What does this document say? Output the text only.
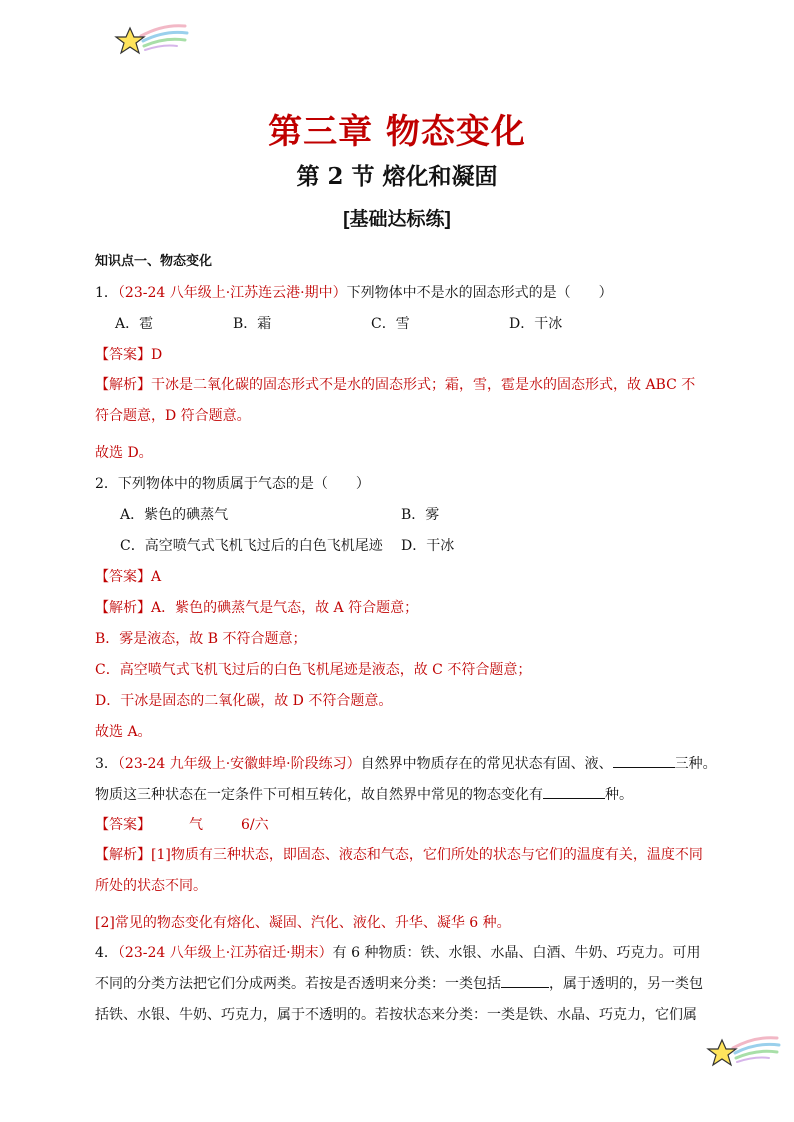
第三章 物态变化
第 2 节 熔化和凝固
[基础达标练]
知识点一、物态变化
1．（23-24 八年级上·江苏连云港·期中）下列物体中不是水的固态形式的是（　　）
A．雹	B．霜	C．雪	D．干冰
【答案】D
【解析】干冰是二氧化碳的固态形式不是水的固态形式；霜，雪，雹是水的固态形式，故 ABC 不符合题意，D 符合题意。
故选 D。
2．下列物体中的物质属于气态的是（　　）
A．紫色的碘蒸气	B．雾
C．高空喷气式飞机飞过后的白色飞机尾迹 D．干冰
【答案】A
【解析】A．紫色的碘蒸气是气态，故 A 符合题意；
B．雾是液态，故 B 不符合题意；
C．高空喷气式飞机飞过后的白色飞机尾迹是液态，故 C 不符合题意；
D．干冰是固态的二氧化碳，故 D 不符合题意。
故选 A。
3．（23-24 九年级上·安徽蚌埠·阶段练习）自然界中物质存在的常见状态有固、液、	三种。
物质这三种状态在一定条件下可相互转化，故自然界中常见的物态变化有	种。
【答案】	气	6/六
【解析】[1]物质有三种状态，即固态、液态和气态，它们所处的状态与它们的温度有关，温度不同所处的状态不同。
[2]常见的物态变化有熔化、凝固、汽化、液化、升华、凝华 6 种。
4．（23-24 八年级上·江苏宿迁·期末）有 6 种物质：铁、水银、水晶、白酒、牛奶、巧克力。可用不同的分类方法把它们分成两类。若按是否透明来分类：一类包括	，属于透明的，另一类包括铁、水银、牛奶、巧克力，属于不透明的。若按状态来分类：一类是铁、水晶、巧克力，它们属
